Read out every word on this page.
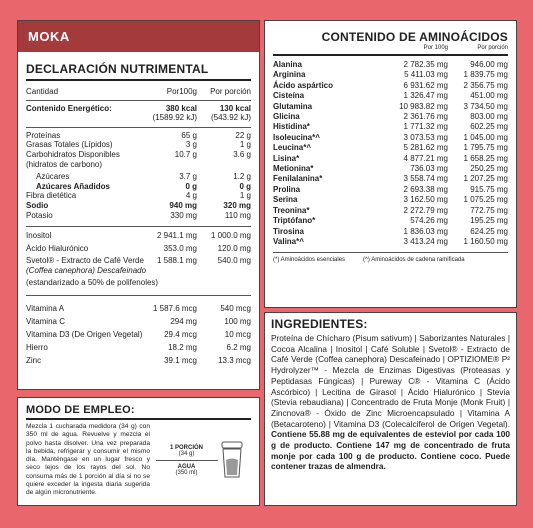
MOKA
DECLARACIÓN NUTRIMENTAL
Cantidad	Por100g	Por porción
Contenido Energético:	380 kcal	130 kcal
(1589.92 kJ)	(543.92 kJ)
Proteínas	65 g	22 g
Grasas Totales (Lípidos)	3 g	1 g
Carbohidratos Disponibles	10.7 g	3.6 g
(hidratos de carbono)
Azúcares	3.7 g	1.2 g
Azúcares Añadidos	0 g	0 g
Fibra dietética	4 g	1 g
Sodio	940 mg	320 mg
Potasio	330 mg	110 mg
Inositol	2 941.1 mg	1 000.0 mg
Ácido Hialurónico	353.0 mg	120.0 mg
Svetol® - Extracto de Café Verde	1 588.1 mg	540.0 mg
(Coffea canephora) Descafeinado
(estandarizado a 50% de polifenoles)
Vitamina A	1 587.6 mcg	540 mcg
Vitamina C	294 mg	100 mg
Vitamina D3 (De Origen Vegetal)	29.4 mcg	10 mcg
Hierro	18.2 mg	6.2 mg
Zinc	39.1 mcg	13.3 mcg
MODO DE EMPLEO:
Mezcla 1 cucharada medidora (34 g) con 350 ml de agua. Revuelve y mezcla el polvo hasta disolver. Una vez preparada la bebida, refrigerar y consumir el mismo día. Manténgase en un lugar fresco y seco lejos de los rayos del sol. No consuma más de 1 porción al día si no se quiere exceder la ingesta diaria sugerida de algún micronutriente.
1 PORCIÓN
(34 g)
AGUA
(350 ml)
CONTENIDO DE AMINOÁCIDOS
Por 100g	Por porción
Alanina	2 782.35 mg	946.00 mg
Arginina	5 411.03 mg	1 839.75 mg
Ácido aspártico	6 931.62 mg	2 356.75 mg
Cisteína	1 326.47 mg	451.00 mg
Glutamina	10 983.82 mg	3 734.50 mg
Glicina	2 361.76 mg	803.00 mg
Histidina*	1 771.32 mg	602.25 mg
Isoleucina*^	3 073.53 mg	1 045.00 mg
Leucina*^	5 281.62 mg	1 795.75 mg
Lisina*	4 877.21 mg	1 658.25 mg
Metionina*	736.03 mg	250.25 mg
Fenilalanina*	3 558.74 mg	1 207.25 mg
Prolina	2 693.38 mg	915.75 mg
Serina	3 162.50 mg	1 075.25 mg
Treonina*	2 272.79 mg	772.75 mg
Triptófano*	574.26 mg	195.25 mg
Tirosina	1 836.03 mg	624.25 mg
Valina*^	3 413.24 mg	1 160.50 mg
(*) Aminoácidos esenciales	(^) Aminoácidos de cadena ramificada
INGREDIENTES:
Proteína de Chícharo (Pisum sativum) | Saborizantes Naturales | Cocoa Alcalina | Inositol | Café Soluble | Svetol® - Extracto de Café Verde (Coffea canephora) Descafeinado | OPTIZIOME® P² Hydrolyzer™ - Mezcla de Enzimas Digestivas (Proteasas y Peptidasas Fúngicas) | Pureway C® - Vitamina C (Ácido Ascórbico) | Lecitina de Girasol | Ácido Hialurónico | Stevia (Stevia rebaudiana) | Concentrado de Fruta Monje (Monk Fruit) | Zincnova® - Óxido de Zinc Microencapsulado | Vitamina A (Betacaroteno) | Vitamina D3 (Colecalciferol de Origen Vegetal). Contiene 55.88 mg de equivalentes de esteviol por cada 100 g de producto. Contiene 147 mg de concentrado de fruta monje por cada 100 g de producto. Contiene coco. Puede contener trazas de almendra.
